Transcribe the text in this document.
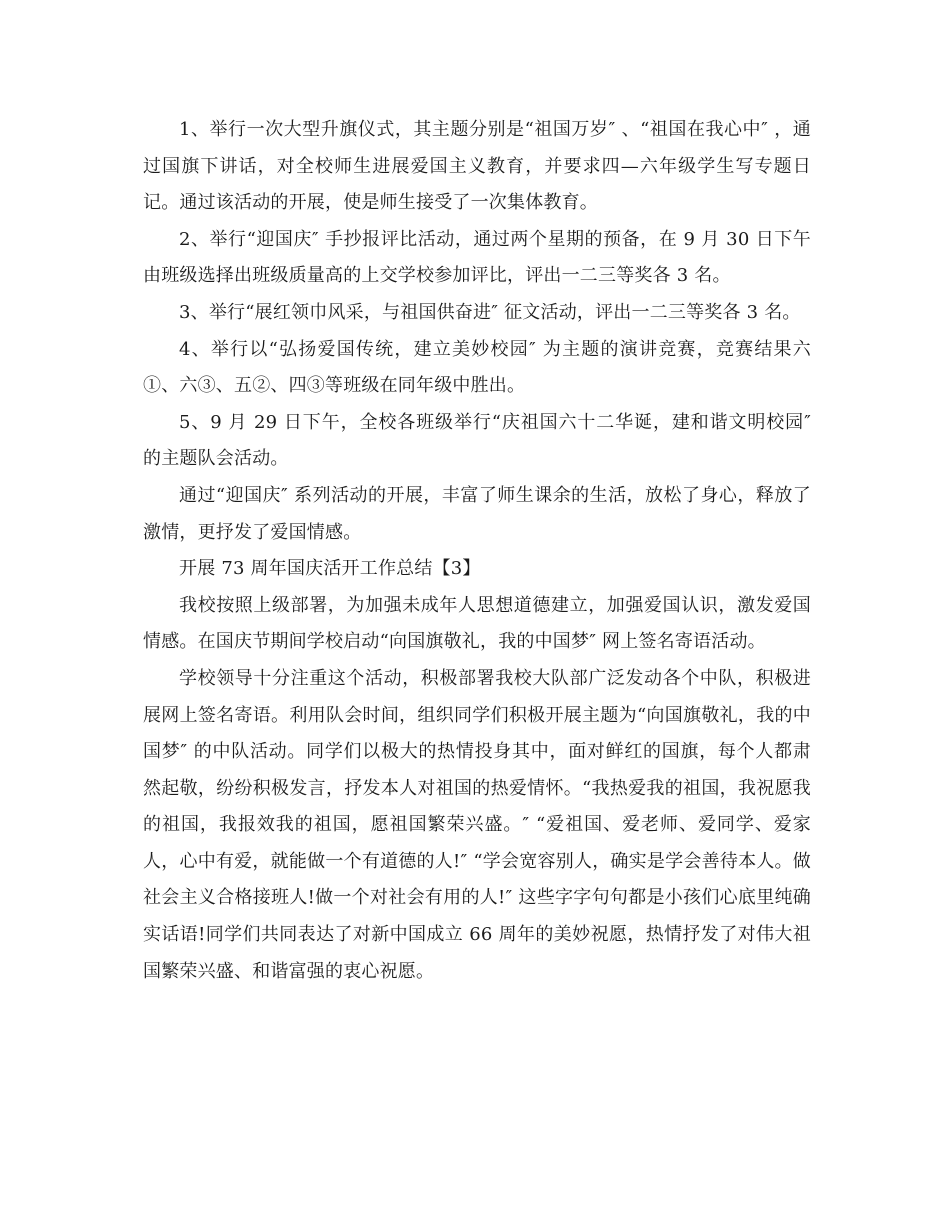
1、举行一次大型升旗仪式，其主题分别是“祖国万岁″ 、“祖国在我心中″ ，通过国旗下讲话，对全校师生进展爱国主义教育，并要求四—六年级学生写专题日记。通过该活动的开展，使是师生接受了一次集体教育。

2、举行“迎国庆″ 手抄报评比活动，通过两个星期的预备，在 9 月 30 日下午由班级选择出班级质量高的上交学校参加评比，评出一二三等奖各 3 名。

3、举行“展红领巾风采，与祖国供奋进″ 征文活动，评出一二三等奖各 3 名。

4、举行以“弘扬爱国传统，建立美妙校园″ 为主题的演讲竞赛，竞赛结果六①、六③、五②、四③等班级在同年级中胜出。

5、9 月 29 日下午，全校各班级举行“庆祖国六十二华诞，建和谐文明校园″ 的主题队会活动。

通过“迎国庆″ 系列活动的开展，丰富了师生课余的生活，放松了身心，释放了激情，更抒发了爱国情感。

开展 73 周年国庆活开工作总结【3】

我校按照上级部署，为加强未成年人思想道德建立，加强爱国认识，激发爱国情感。在国庆节期间学校启动“向国旗敬礼，我的中国梦″ 网上签名寄语活动。

学校领导十分注重这个活动，积极部署我校大队部广泛发动各个中队，积极进展网上签名寄语。利用队会时间，组织同学们积极开展主题为“向国旗敬礼，我的中国梦″ 的中队活动。同学们以极大的热情投身其中，面对鲜红的国旗，每个人都肃然起敬，纷纷积极发言，抒发本人对祖国的热爱情怀。“我热爱我的祖国，我祝愿我的祖国，我报效我的祖国，愿祖国繁荣兴盛。″ “爱祖国、爱老师、爱同学、爱家人，心中有爱，就能做一个有道德的人!″ “学会宽容别人，确实是学会善待本人。做社会主义合格接班人!做一个对社会有用的人!″ 这些字字句句都是小孩们心底里纯确实话语!同学们共同表达了对新中国成立 66 周年的美妙祝愿，热情抒发了对伟大祖国繁荣兴盛、和谐富强的衷心祝愿。
